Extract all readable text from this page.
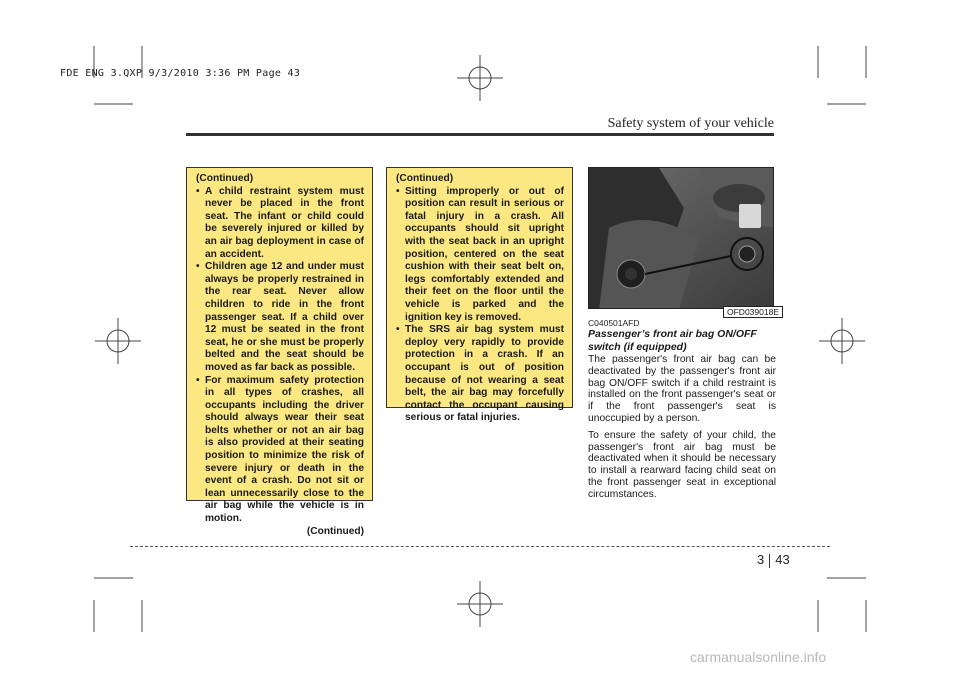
FDE ENG 3.QXP 9/3/2010 3:36 PM Page 43
Safety system of your vehicle

(Continued)

• A child restraint system must never be placed in the front seat. The infant or child could be severely injured or killed by an air bag deployment in case of an accident.
• Children age 12 and under must always be properly restrained in the rear seat. Never allow children to ride in the front passenger seat. If a child over 12 must be seated in the front seat, he or she must be properly belted and the seat should be moved as far back as possible.
• For maximum safety protection in all types of crashes, all occupants including the driver should always wear their seat belts whether or not an air bag is also provided at their seating position to minimize the risk of severe injury or death in the event of a crash. Do not sit or lean unnecessarily close to the air bag while the vehicle is in motion.

(Continued)

(Continued)

• Sitting improperly or out of position can result in serious or fatal injury in a crash. All occupants should sit upright with the seat back in an upright position, centered on the seat cushion with their seat belt on, legs comfortably extended and their feet on the floor until the vehicle is parked and the ignition key is removed.
• The SRS air bag system must deploy very rapidly to provide protection in a crash. If an occupant is out of position because of not wearing a seat belt, the air bag may forcefully contact the occupant causing serious or fatal injuries.
OFD039018E
C040501AFD
Passenger’s front air bag ON/OFF switch (if equipped)

The passenger's front air bag can be deactivated by the passenger's front air bag ON/OFF switch if a child restraint is installed on the front passenger's seat or if the front passenger's seat is unoccupied by a person.

To ensure the safety of your child, the passenger's front air bag must be deactivated when it should be necessary to install a rearward facing child seat on the front passenger seat in exceptional circumstances.

3 43
carmanualsonline.info
